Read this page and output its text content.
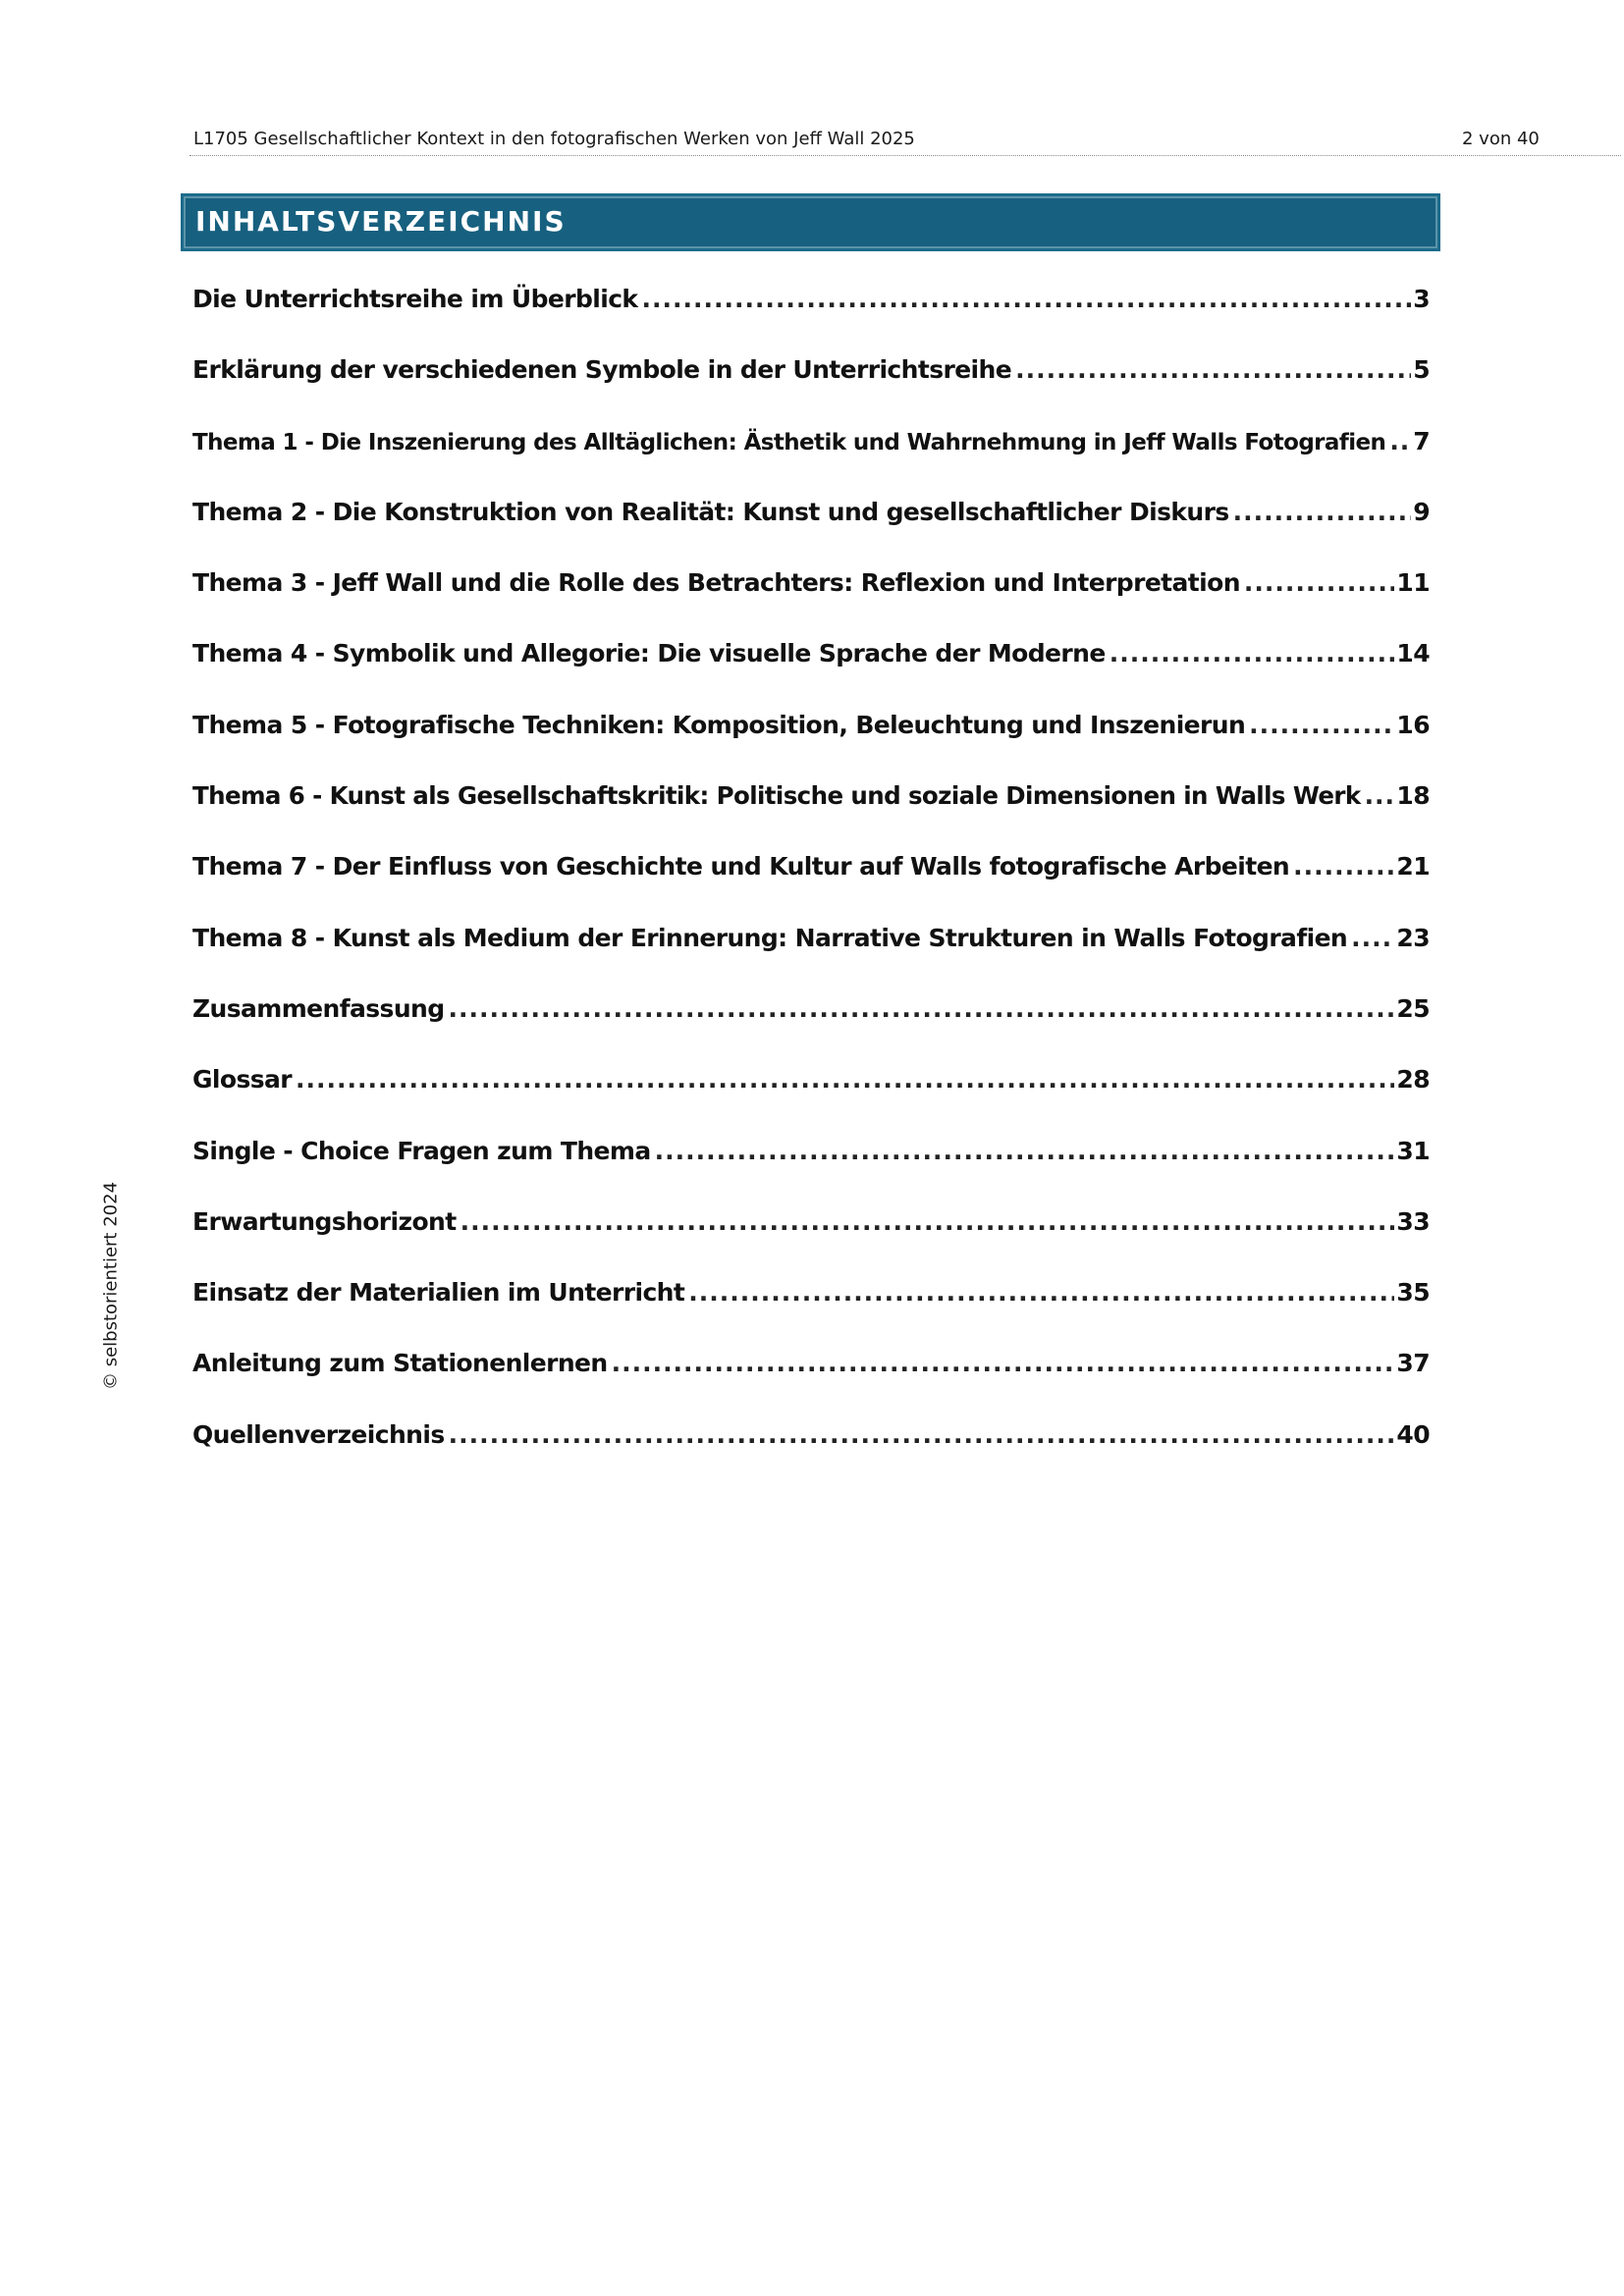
L1705 Gesellschaftlicher Kontext in den fotografischen Werken von Jeff Wall 2025	2 von 40
INHALTSVERZEICHNIS
Die Unterrichtsreihe im Überblick .....	3
Erklärung der verschiedenen Symbole in der Unterrichtsreihe .....	5
Thema 1 - Die Inszenierung des Alltäglichen: Ästhetik und Wahrnehmung in Jeff Walls Fotografien ..... 7
Thema 2 - Die Konstruktion von Realität: Kunst und gesellschaftlicher Diskurs .....	9
Thema 3 - Jeff Wall und die Rolle des Betrachters: Reflexion und Interpretation .....	11
Thema 4 - Symbolik und Allegorie: Die visuelle Sprache der Moderne .....	14
Thema 5 - Fotografische Techniken: Komposition, Beleuchtung und Inszenierun .....	16
Thema 6 - Kunst als Gesellschaftskritik: Politische und soziale Dimensionen in Walls Werk ..... 18
Thema 7 - Der Einfluss von Geschichte und Kultur auf Walls fotografische Arbeiten .....	21
Thema 8 - Kunst als Medium der Erinnerung: Narrative Strukturen in Walls Fotografien ..... 23
Zusammenfassung .....	25
Glossar .....	28
Single - Choice Fragen zum Thema .....	31
Erwartungshorizont .....	33
Einsatz der Materialien im Unterricht .....	35
Anleitung zum Stationenlernen .....	37
Quellenverzeichnis .....	40
© selbstorientiert 2024
